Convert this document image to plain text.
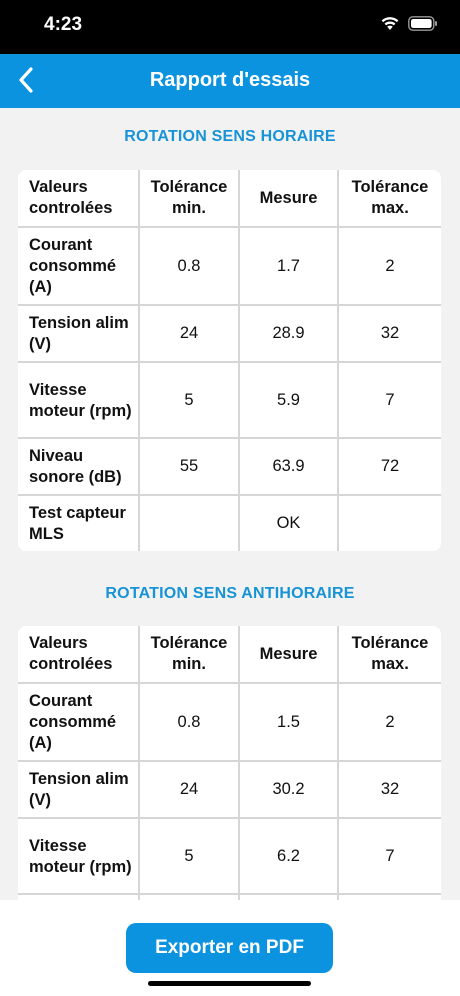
4:23
Rapport d'essais
ROTATION SENS HORAIRE
Valeurs controlées	Tolérance min.	Mesure	Tolérance max.
Courant consommé (A)	0.8	1.7	2
Tension alim (V)	24	28.9	32
Vitesse moteur (rpm)	5	5.9	7
Niveau sonore (dB)	55	63.9	72
Test capteur MLS		OK	
ROTATION SENS ANTIHORAIRE
Valeurs controlées	Tolérance min.	Mesure	Tolérance max.
Courant consommé (A)	0.8	1.5	2
Tension alim (V)	24	30.2	32
Vitesse moteur (rpm)	5	6.2	7

Exporter en PDF
